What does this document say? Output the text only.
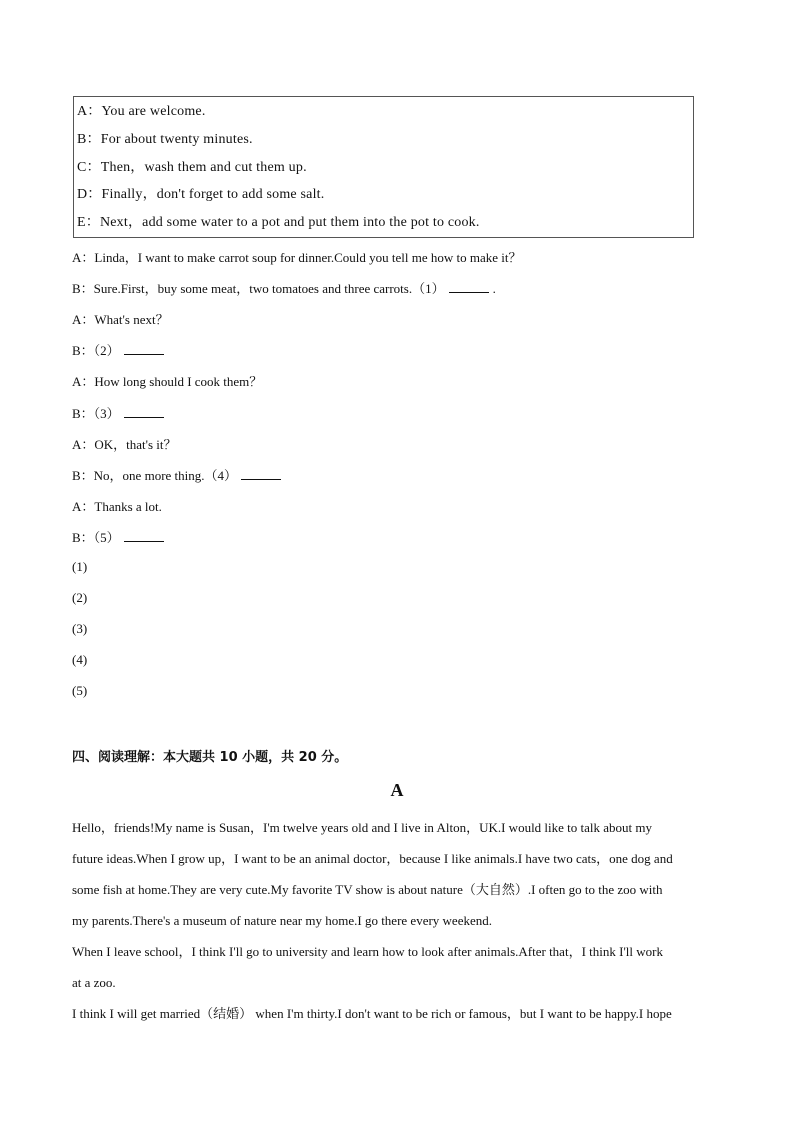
A：You are welcome.
B：For about twenty minutes.
C：Then，wash them and cut them up.
D：Finally，don't forget to add some salt.
E：Next，add some water to a pot and put them into the pot to cook.
A：Linda，I want to make carrot soup for dinner.Could you tell me how to make it？
B：Sure.First，buy some meat，two tomatoes and three carrots.（1）	.
A：What's next？
B：（2）
A：How long should I cook them？
B：（3）
A：OK，that's it？
B：No，one more thing.（4）
A：Thanks a lot.
B：（5）
(1)
(2)
(3)
(4)
(5)
四、阅读理解：本大题共 10 小题，共 20 分。
A
Hello，friends!My name is Susan，I'm twelve years old and I live in Alton，UK.I would like to talk about my
future ideas.When I grow up，I want to be an animal doctor，because I like animals.I have two cats，one dog and
some fish at home.They are very cute.My favorite TV show is about nature（大自然）.I often go to the zoo with
my parents.There's a museum of nature near my home.I go there every weekend.
When I leave school，I think I'll go to university and learn how to look after animals.After that，I think I'll work
at a zoo.
I think I will get married（结婚） when I'm thirty.I don't want to be rich or famous，but I want to be happy.I hope
